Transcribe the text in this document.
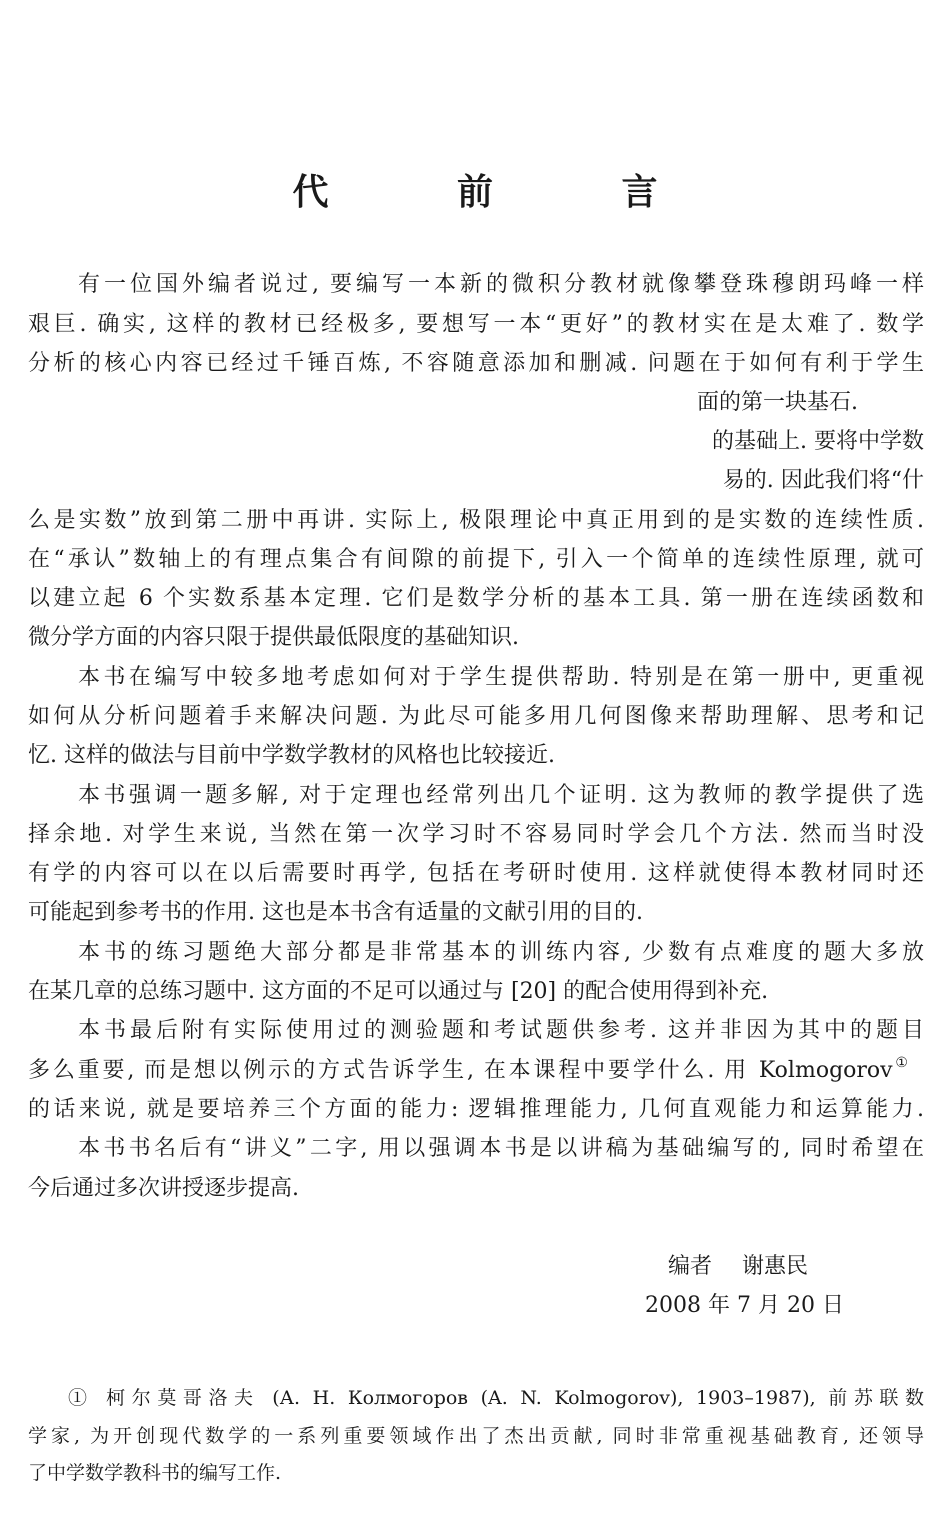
代 前 言
有一位国外编者说过, 要编写一本新的微积分教材就像攀登珠穆朗玛峰一样
艰巨. 确实, 这样的教材已经极多, 要想写一本“更好”的教材实在是太难了. 数学
分析的核心内容已经过千锤百炼, 不容随意添加和删减. 问题在于如何有利于学生
面的第一块基石.
的基础上. 要将中学数
易的. 因此我们将“什
么是实数”放到第二册中再讲. 实际上, 极限理论中真正用到的是实数的连续性质.
在“承认”数轴上的有理点集合有间隙的前提下, 引入一个简单的连续性原理, 就可
以建立起 6 个实数系基本定理. 它们是数学分析的基本工具. 第一册在连续函数和
微分学方面的内容只限于提供最低限度的基础知识.
本书在编写中较多地考虑如何对于学生提供帮助. 特别是在第一册中, 更重视
如何从分析问题着手来解决问题. 为此尽可能多用几何图像来帮助理解、思考和记
忆. 这样的做法与目前中学数学教材的风格也比较接近.
本书强调一题多解, 对于定理也经常列出几个证明. 这为教师的教学提供了选
择余地. 对学生来说, 当然在第一次学习时不容易同时学会几个方法. 然而当时没
有学的内容可以在以后需要时再学, 包括在考研时使用. 这样就使得本教材同时还
可能起到参考书的作用. 这也是本书含有适量的文献引用的目的.
本书的练习题绝大部分都是非常基本的训练内容, 少数有点难度的题大多放
在某几章的总练习题中. 这方面的不足可以通过与 [20] 的配合使用得到补充.
本书最后附有实际使用过的测验题和考试题供参考. 这并非因为其中的题目
多么重要, 而是想以例示的方式告诉学生, 在本课程中要学什么. 用 Kolmogorov①
的话来说, 就是要培养三个方面的能力: 逻辑推理能力, 几何直观能力和运算能力.
本书书名后有“讲义”二字, 用以强调本书是以讲稿为基础编写的, 同时希望在
今后通过多次讲授逐步提高.
编者 谢惠民
2008 年 7 月 20 日
① 柯尔莫哥洛夫 (А. Н. Колмогоров (A. N. Kolmogorov), 1903–1987), 前苏联数
学家, 为开创现代数学的一系列重要领域作出了杰出贡献, 同时非常重视基础教育, 还领导
了中学数学教科书的编写工作.
